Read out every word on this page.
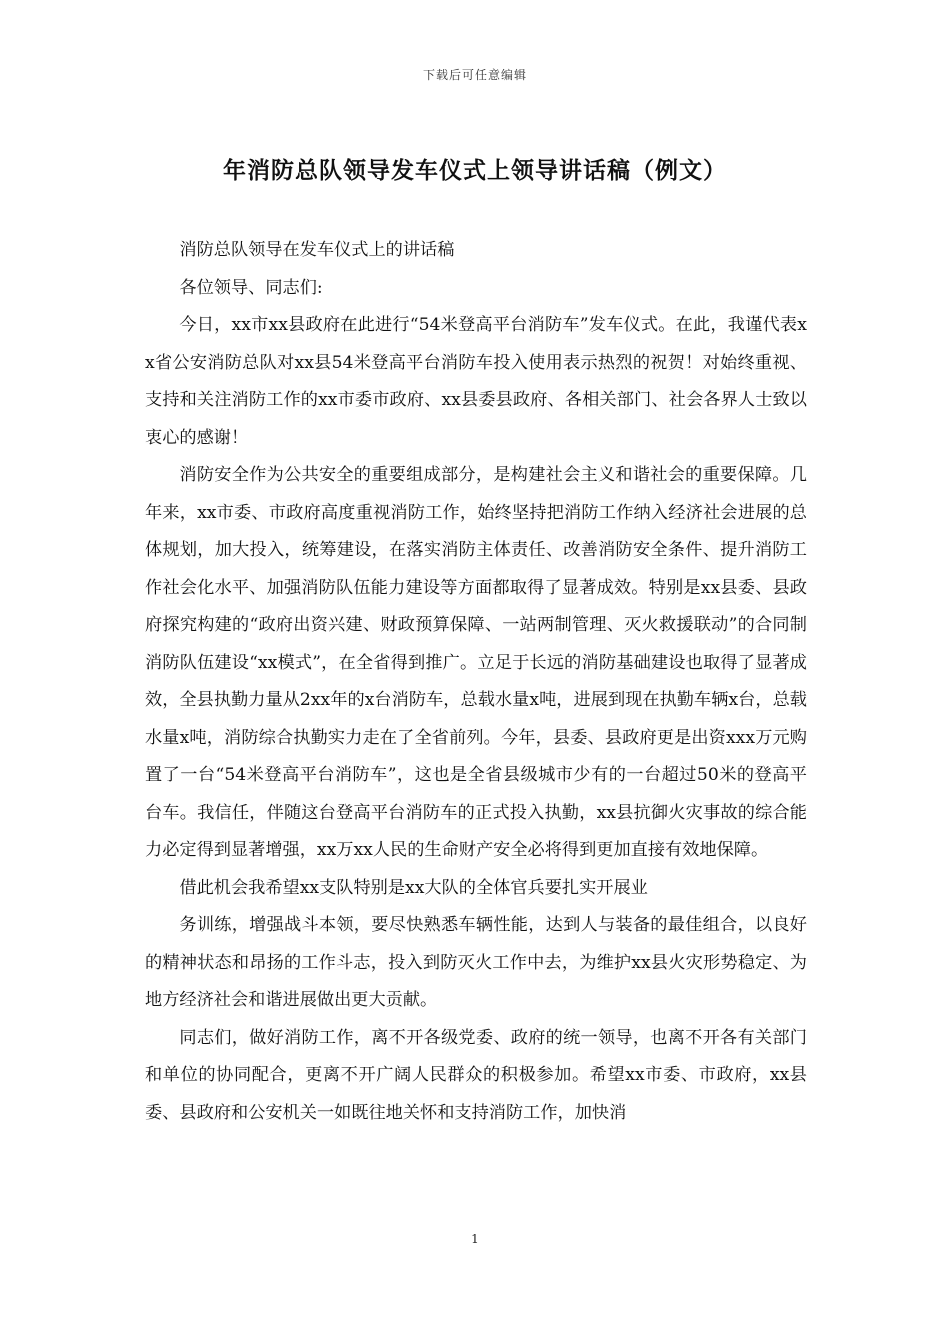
下载后可任意编辑
年消防总队领导发车仪式上领导讲话稿（例文）

消防总队领导在发车仪式上的讲话稿

各位领导、同志们:

今日，xx市xx县政府在此进行“54米登高平台消防车”发车仪式。在此，我谨代表xx省公安消防总队对xx县54米登高平台消防车投入使用表示热烈的祝贺！对始终重视、支持和关注消防工作的xx市委市政府、xx县委县政府、各相关部门、社会各界人士致以衷心的感谢！

消防安全作为公共安全的重要组成部分，是构建社会主义和谐社会的重要保障。几年来，xx市委、市政府高度重视消防工作，始终坚持把消防工作纳入经济社会进展的总体规划，加大投入，统筹建设，在落实消防主体责任、改善消防安全条件、提升消防工作社会化水平、加强消防队伍能力建设等方面都取得了显著成效。特别是xx县委、县政府探究构建的“政府出资兴建、财政预算保障、一站两制管理、灭火救援联动”的合同制消防队伍建设“xx模式”，在全省得到推广。立足于长远的消防基础建设也取得了显著成效，全县执勤力量从2xx年的x台消防车，总载水量x吨，进展到现在执勤车辆x台，总载水量x吨，消防综合执勤实力走在了全省前列。今年，县委、县政府更是出资xxx万元购置了一台“54米登高平台消防车”，这也是全省县级城市少有的一台超过50米的登高平台车。我信任，伴随这台登高平台消防车的正式投入执勤，xx县抗御火灾事故的综合能力必定得到显著增强，xx万xx人民的生命财产安全必将得到更加直接有效地保障。

借此机会我希望xx支队特别是xx大队的全体官兵要扎实开展业

务训练，增强战斗本领，要尽快熟悉车辆性能，达到人与装备的最佳组合，以良好的精神状态和昂扬的工作斗志，投入到防灭火工作中去，为维护xx县火灾形势稳定、为地方经济社会和谐进展做出更大贡献。

同志们，做好消防工作，离不开各级党委、政府的统一领导，也离不开各有关部门和单位的协同配合，更离不开广阔人民群众的积极参加。希望xx市委、市政府，xx县委、县政府和公安机关一如既往地关怀和支持消防工作，加快消

1
